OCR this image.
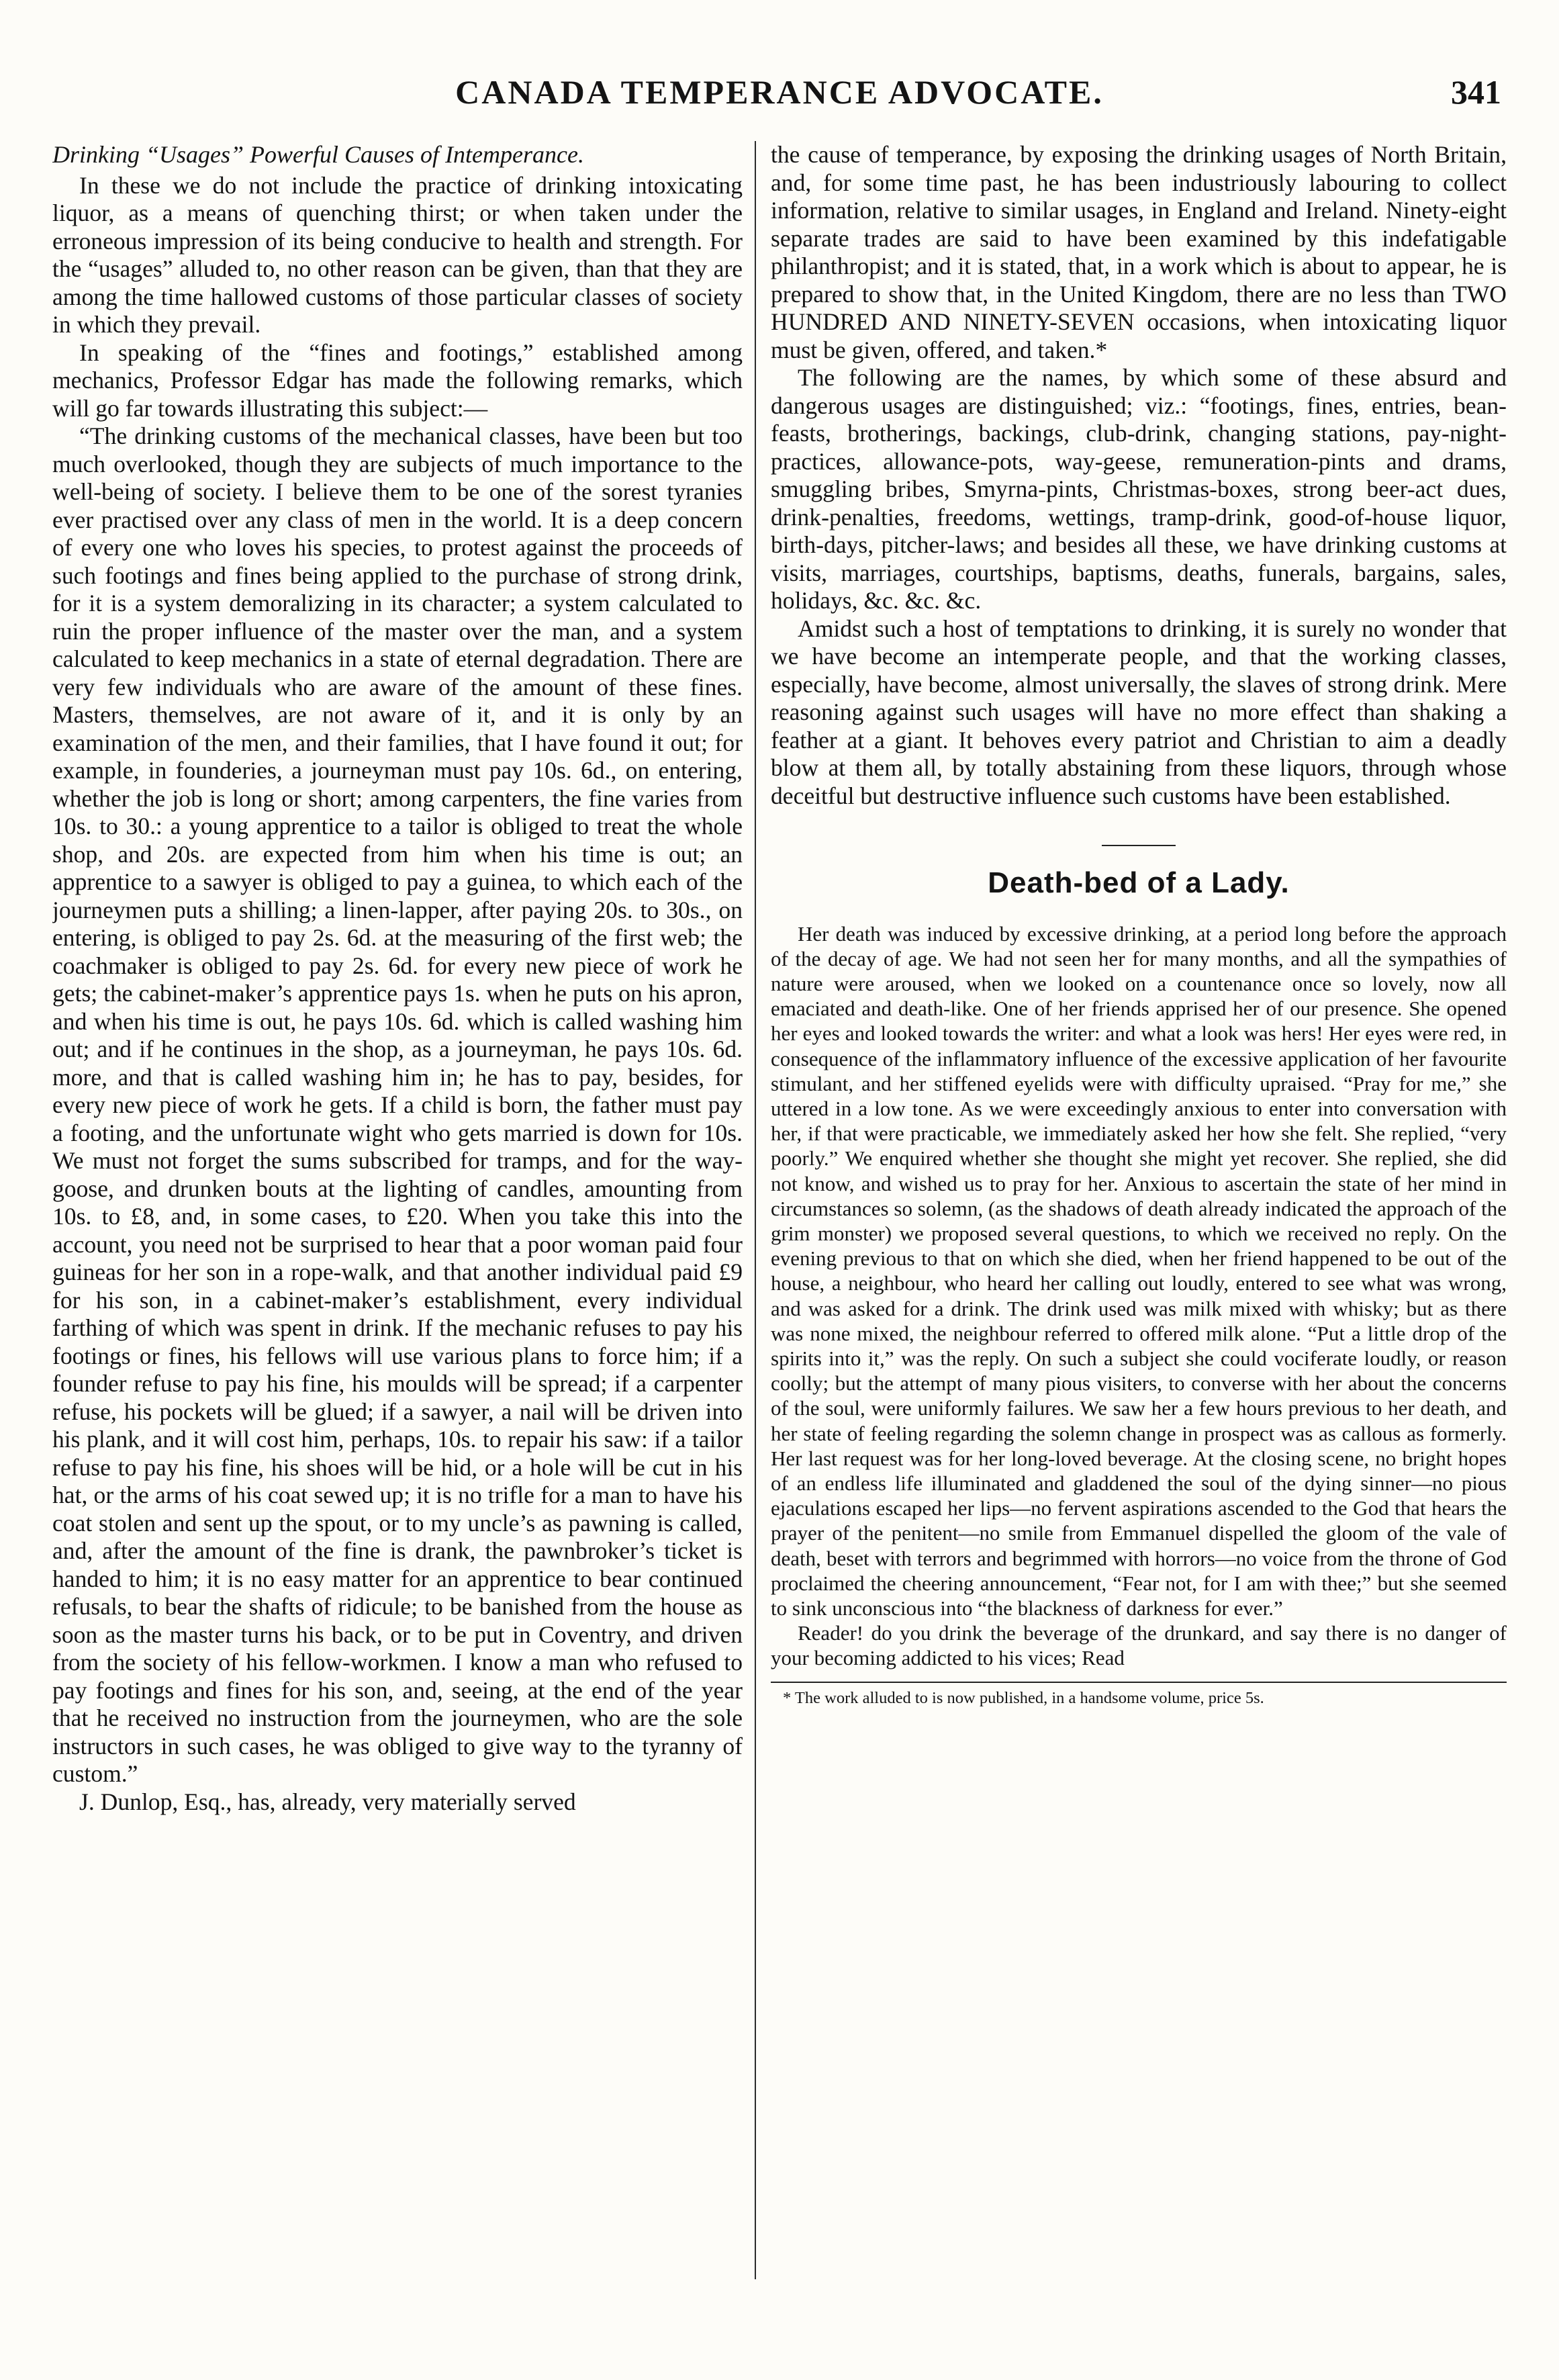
CANADA TEMPERANCE ADVOCATE.	341

Drinking “Usages” Powerful Causes of Intemperance.

In these we do not include the practice of drinking intoxicating liquor, as a means of quenching thirst; or when taken under the erroneous impression of its being conducive to health and strength. For the “usages” alluded to, no other reason can be given, than that they are among the time hallowed customs of those particular classes of society in which they prevail.

In speaking of the “fines and footings,” established among mechanics, Professor Edgar has made the following remarks, which will go far towards illustrating this subject:—

“The drinking customs of the mechanical classes, have been but too much overlooked, though they are subjects of much importance to the well-being of society. I believe them to be one of the sorest tyranies ever practised over any class of men in the world. It is a deep concern of every one who loves his species, to protest against the proceeds of such footings and fines being applied to the purchase of strong drink, for it is a system demoralizing in its character; a system calculated to ruin the proper influence of the master over the man, and a system calculated to keep mechanics in a state of eternal degradation. There are very few individuals who are aware of the amount of these fines. Masters, themselves, are not aware of it, and it is only by an examination of the men, and their families, that I have found it out; for example, in founderies, a journeyman must pay 10s. 6d., on entering, whether the job is long or short; among carpenters, the fine varies from 10s. to 30.: a young apprentice to a tailor is obliged to treat the whole shop, and 20s. are expected from him when his time is out; an apprentice to a sawyer is obliged to pay a guinea, to which each of the journeymen puts a shilling; a linen-lapper, after paying 20s. to 30s., on entering, is obliged to pay 2s. 6d. at the measuring of the first web; the coachmaker is obliged to pay 2s. 6d. for every new piece of work he gets; the cabinet-maker’s apprentice pays 1s. when he puts on his apron, and when his time is out, he pays 10s. 6d. which is called washing him out; and if he continues in the shop, as a journeyman, he pays 10s. 6d. more, and that is called washing him in; he has to pay, besides, for every new piece of work he gets. If a child is born, the father must pay a footing, and the unfortunate wight who gets married is down for 10s. We must not forget the sums subscribed for tramps, and for the way-goose, and drunken bouts at the lighting of candles, amounting from 10s. to £8, and, in some cases, to £20. When you take this into the account, you need not be surprised to hear that a poor woman paid four guineas for her son in a rope-walk, and that another individual paid £9 for his son, in a cabinet-maker’s establishment, every individual farthing of which was spent in drink. If the mechanic refuses to pay his footings or fines, his fellows will use various plans to force him; if a founder refuse to pay his fine, his moulds will be spread; if a carpenter refuse, his pockets will be glued; if a sawyer, a nail will be driven into his plank, and it will cost him, perhaps, 10s. to repair his saw: if a tailor refuse to pay his fine, his shoes will be hid, or a hole will be cut in his hat, or the arms of his coat sewed up; it is no trifle for a man to have his coat stolen and sent up the spout, or to my uncle’s as pawning is called, and, after the amount of the fine is drank, the pawnbroker’s ticket is handed to him; it is no easy matter for an apprentice to bear continued refusals, to bear the shafts of ridicule; to be banished from the house as soon as the master turns his back, or to be put in Coventry, and driven from the society of his fellow-workmen. I know a man who refused to pay footings and fines for his son, and, seeing, at the end of the year that he received no instruction from the journeymen, who are the sole instructors in such cases, he was obliged to give way to the tyranny of custom.”

J. Dunlop, Esq., has, already, very materially served

the cause of temperance, by exposing the drinking usages of North Britain, and, for some time past, he has been industriously labouring to collect information, relative to similar usages, in England and Ireland. Ninety-eight separate trades are said to have been examined by this indefatigable philanthropist; and it is stated, that, in a work which is about to appear, he is prepared to show that, in the United Kingdom, there are no less than TWO HUNDRED AND NINETY-SEVEN occasions, when intoxicating liquor must be given, offered, and taken.*

The following are the names, by which some of these absurd and dangerous usages are distinguished; viz.: “footings, fines, entries, bean-feasts, brotherings, backings, club-drink, changing stations, pay-night-practices, allowance-pots, way-geese, remuneration-pints and drams, smuggling bribes, Smyrna-pints, Christmas-boxes, strong beer-act dues, drink-penalties, freedoms, wettings, tramp-drink, good-of-house liquor, birth-days, pitcher-laws; and besides all these, we have drinking customs at visits, marriages, courtships, baptisms, deaths, funerals, bargains, sales, holidays, &c. &c. &c.

Amidst such a host of temptations to drinking, it is surely no wonder that we have become an intemperate people, and that the working classes, especially, have become, almost universally, the slaves of strong drink. Mere reasoning against such usages will have no more effect than shaking a feather at a giant. It behoves every patriot and Christian to aim a deadly blow at them all, by totally abstaining from these liquors, through whose deceitful but destructive influence such customs have been established.

Death-bed of a Lady.

Her death was induced by excessive drinking, at a period long before the approach of the decay of age. We had not seen her for many months, and all the sympathies of nature were aroused, when we looked on a countenance once so lovely, now all emaciated and death-like. One of her friends apprised her of our presence. She opened her eyes and looked towards the writer: and what a look was hers! Her eyes were red, in consequence of the inflammatory influence of the excessive application of her favourite stimulant, and her stiffened eyelids were with difficulty upraised. “Pray for me,” she uttered in a low tone. As we were exceedingly anxious to enter into conversation with her, if that were practicable, we immediately asked her how she felt. She replied, “very poorly.” We enquired whether she thought she might yet recover. She replied, she did not know, and wished us to pray for her. Anxious to ascertain the state of her mind in circumstances so solemn, (as the shadows of death already indicated the approach of the grim monster) we proposed several questions, to which we received no reply. On the evening previous to that on which she died, when her friend happened to be out of the house, a neighbour, who heard her calling out loudly, entered to see what was wrong, and was asked for a drink. The drink used was milk mixed with whisky; but as there was none mixed, the neighbour referred to offered milk alone. “Put a little drop of the spirits into it,” was the reply. On such a subject she could vociferate loudly, or reason coolly; but the attempt of many pious visiters, to converse with her about the concerns of the soul, were uniformly failures. We saw her a few hours previous to her death, and her state of feeling regarding the solemn change in prospect was as callous as formerly. Her last request was for her long-loved beverage. At the closing scene, no bright hopes of an endless life illuminated and gladdened the soul of the dying sinner—no pious ejaculations escaped her lips—no fervent aspirations ascended to the God that hears the prayer of the penitent—no smile from Emmanuel dispelled the gloom of the vale of death, beset with terrors and begrimmed with horrors—no voice from the throne of God proclaimed the cheering announcement, “Fear not, for I am with thee;” but she seemed to sink unconscious into “the blackness of darkness for ever.”

Reader! do you drink the beverage of the drunkard, and say there is no danger of your becoming addicted to his vices; Read

* The work alluded to is now published, in a handsome volume, price 5s.
